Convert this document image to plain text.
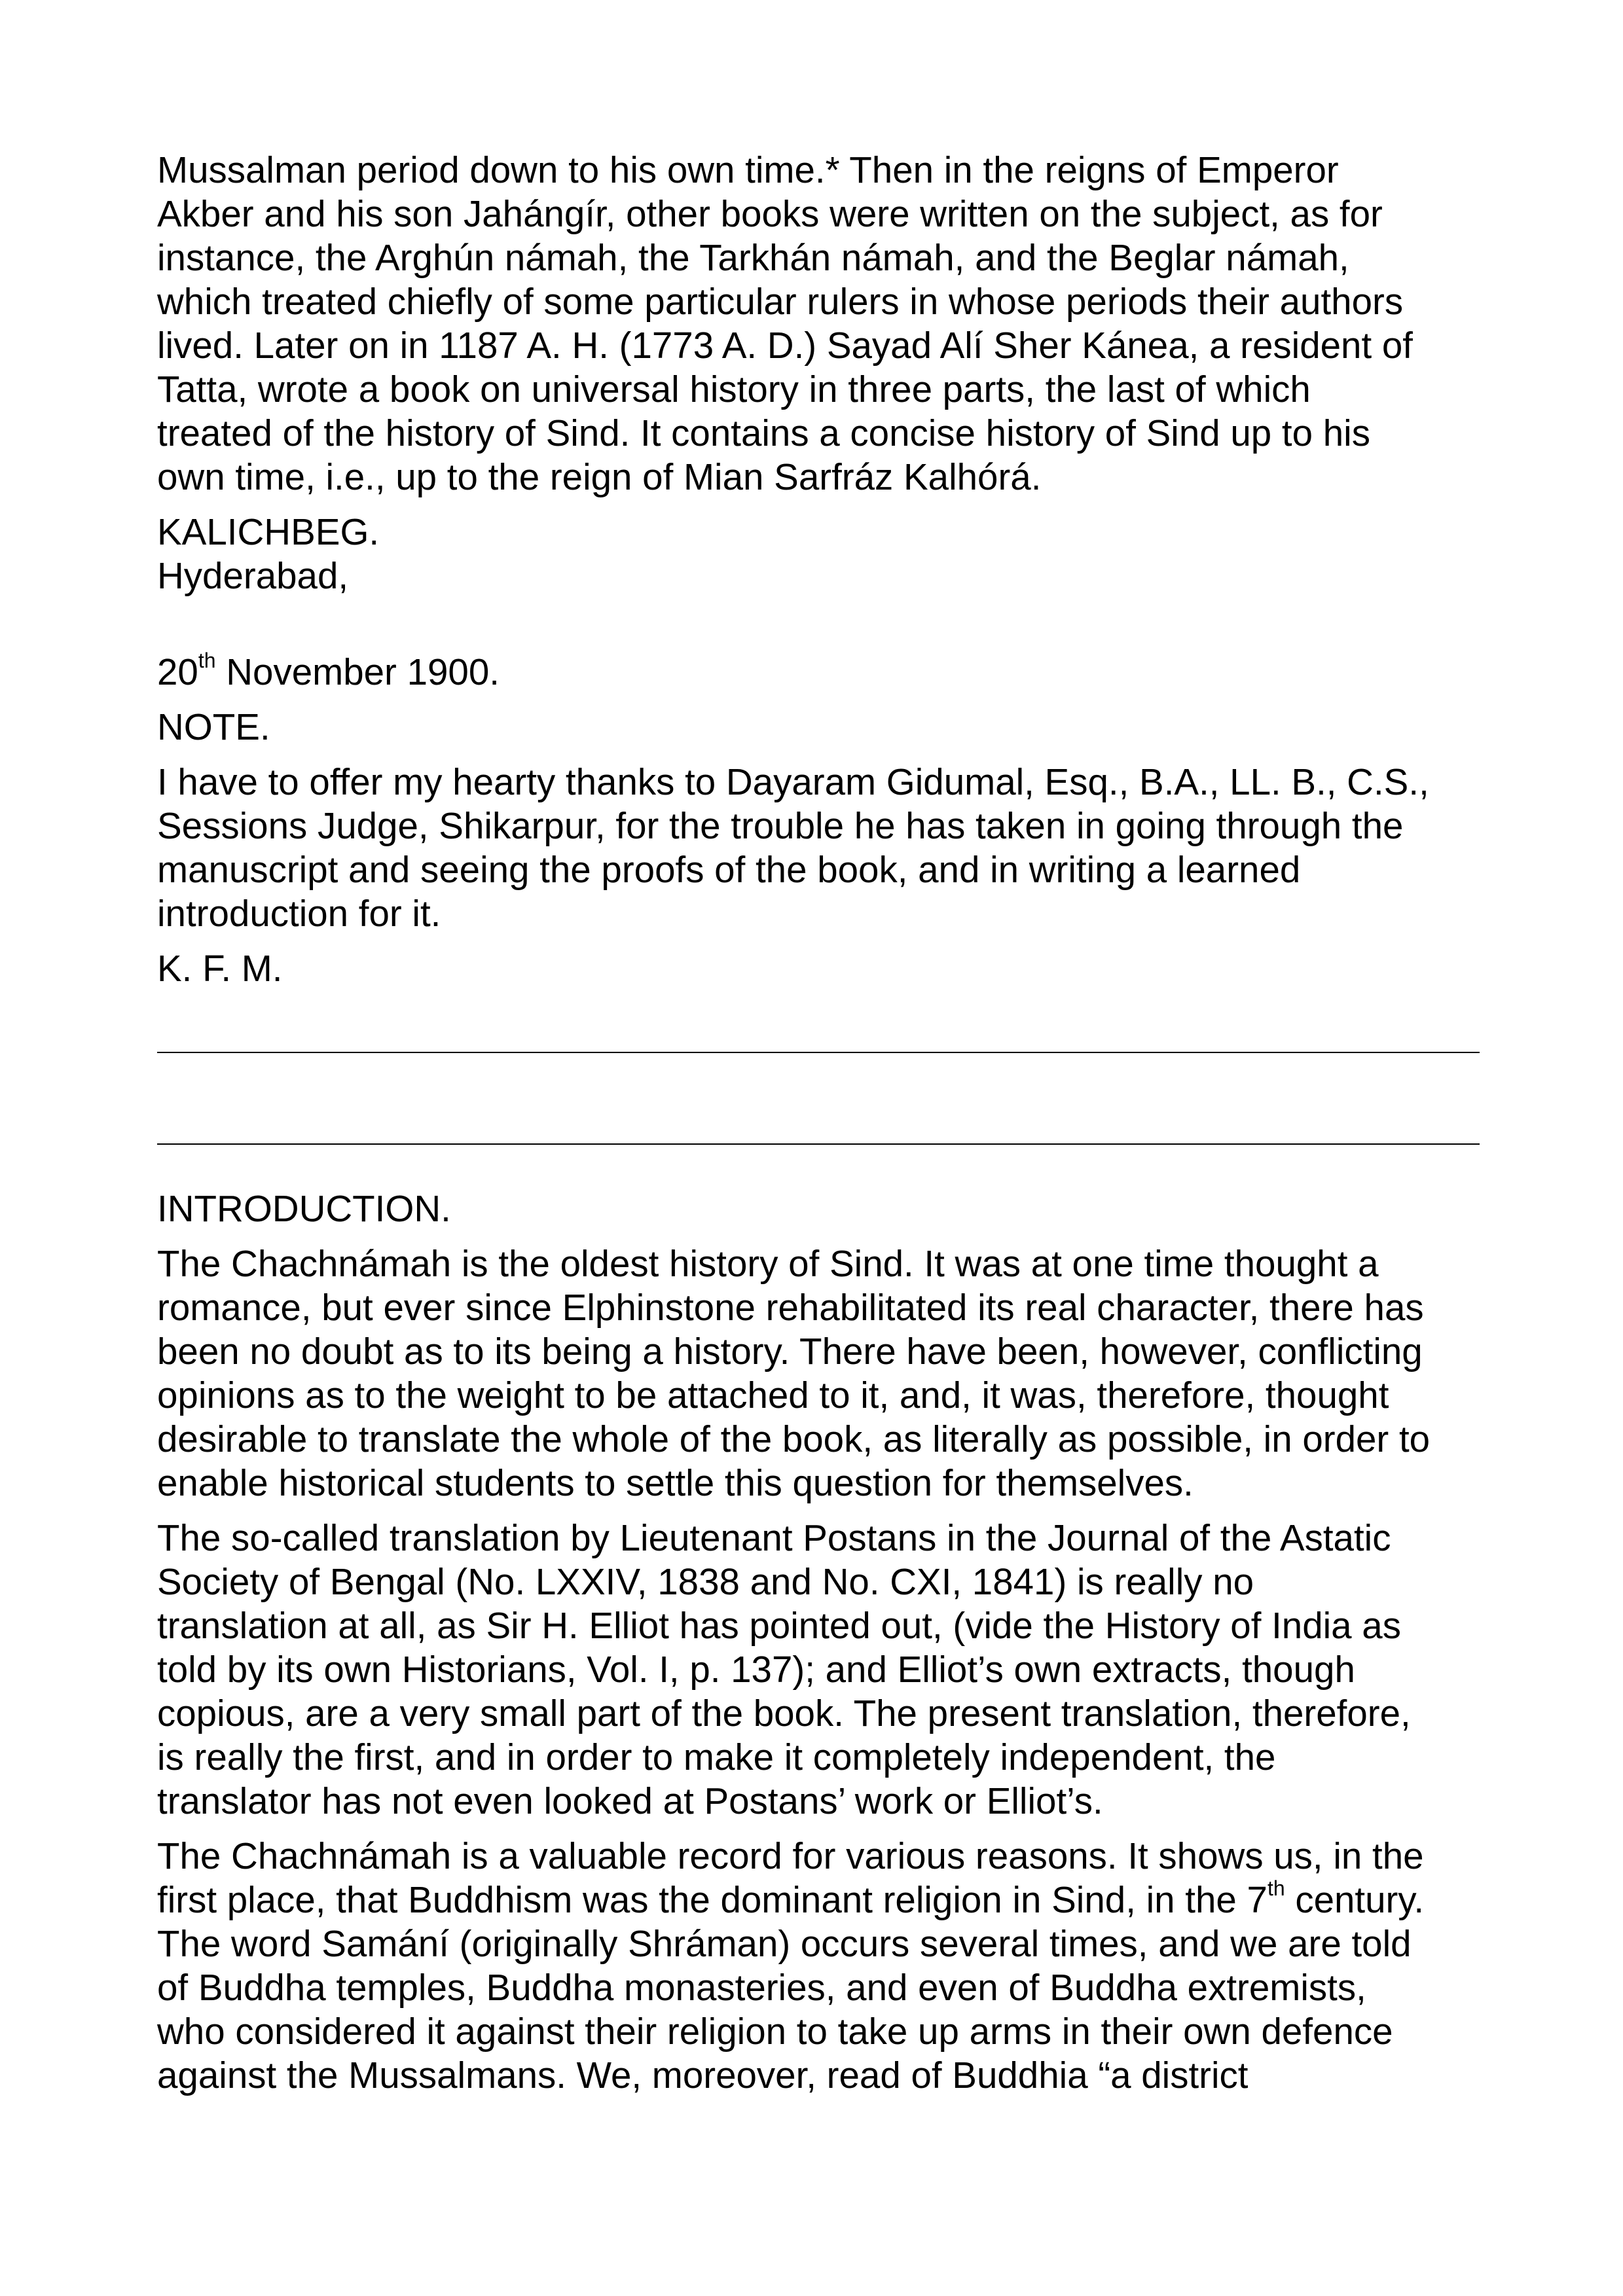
Mussalman period down to his own time.* Then in the reigns of Emperor
Akber and his son Jahángír, other books were written on the subject, as for
instance, the Arghún námah, the Tarkhán námah, and the Beglar námah,
which treated chiefly of some particular rulers in whose periods their authors
lived. Later on in 1187 A. H. (1773 A. D.) Sayad Alí Sher Kánea, a resident of
Tatta, wrote a book on universal history in three parts, the last of which
treated of the history of Sind. It contains a concise history of Sind up to his
own time, i.e., up to the reign of Mian Sarfráz Kalhórá.

KALICHBEG.
Hyderabad,

20th November 1900.

NOTE.

I have to offer my hearty thanks to Dayaram Gidumal, Esq., B.A., LL. B., C.S.,
Sessions Judge, Shikarpur, for the trouble he has taken in going through the
manuscript and seeing the proofs of the book, and in writing a learned
introduction for it.

K. F. M.

INTRODUCTION.

The Chachnámah is the oldest history of Sind. It was at one time thought a
romance, but ever since Elphinstone rehabilitated its real character, there has
been no doubt as to its being a history. There have been, however, conflicting
opinions as to the weight to be attached to it, and, it was, therefore, thought
desirable to translate the whole of the book, as literally as possible, in order to
enable historical students to settle this question for themselves.

The so-called translation by Lieutenant Postans in the Journal of the Astatic
Society of Bengal (No. LXXIV, 1838 and No. CXI, 1841) is really no
translation at all, as Sir H. Elliot has pointed out, (vide the History of India as
told by its own Historians, Vol. I, p. 137); and Elliot’s own extracts, though
copious, are a very small part of the book. The present translation, therefore,
is really the first, and in order to make it completely independent, the
translator has not even looked at Postans’ work or Elliot’s.

The Chachnámah is a valuable record for various reasons. It shows us, in the
first place, that Buddhism was the dominant religion in Sind, in the 7th century.
The word Samání (originally Shráman) occurs several times, and we are told
of Buddha temples, Buddha monasteries, and even of Buddha extremists,
who considered it against their religion to take up arms in their own defence
against the Mussalmans. We, moreover, read of Buddhia “a district
